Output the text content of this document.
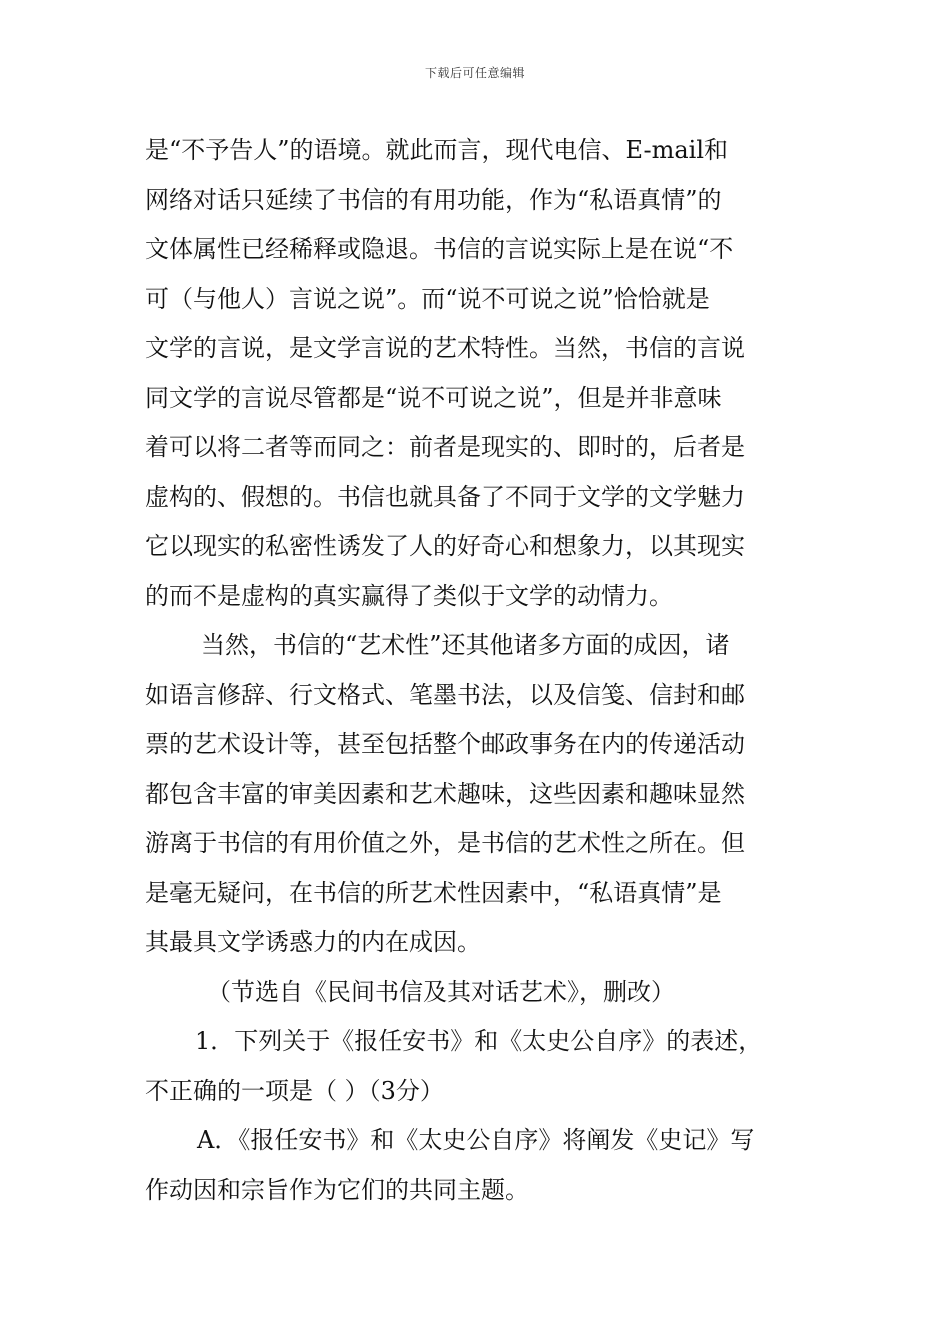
下载后可任意编辑
是“不予告人”的语境。就此而言，现代电信、E-mail和
网络对话只延续了书信的有用功能，作为“私语真情”的
文体属性已经稀释或隐退。书信的言说实际上是在说“不
可（与他人）言说之说”。而“说不可说之说”恰恰就是
文学的言说，是文学言说的艺术特性。当然，书信的言说
同文学的言说尽管都是“说不可说之说”，但是并非意味
着可以将二者等而同之：前者是现实的、即时的，后者是
虚构的、假想的。书信也就具备了不同于文学的文学魅力
它以现实的私密性诱发了人的好奇心和想象力，以其现实
的而不是虚构的真实赢得了类似于文学的动情力。
当然，书信的“艺术性”还其他诸多方面的成因，诸
如语言修辞、行文格式、笔墨书法，以及信笺、信封和邮
票的艺术设计等，甚至包括整个邮政事务在内的传递活动
都包含丰富的审美因素和艺术趣味，这些因素和趣味显然
游离于书信的有用价值之外，是书信的艺术性之所在。但
是毫无疑问，在书信的所艺术性因素中，“私语真情”是
其最具文学诱惑力的内在成因。
（节选自《民间书信及其对话艺术》，删改）
1．下列关于《报任安书》和《太史公自序》的表述，
不正确的一项是（ ）（3分）
A．《报任安书》和《太史公自序》将阐发《史记》写
作动因和宗旨作为它们的共同主题。
